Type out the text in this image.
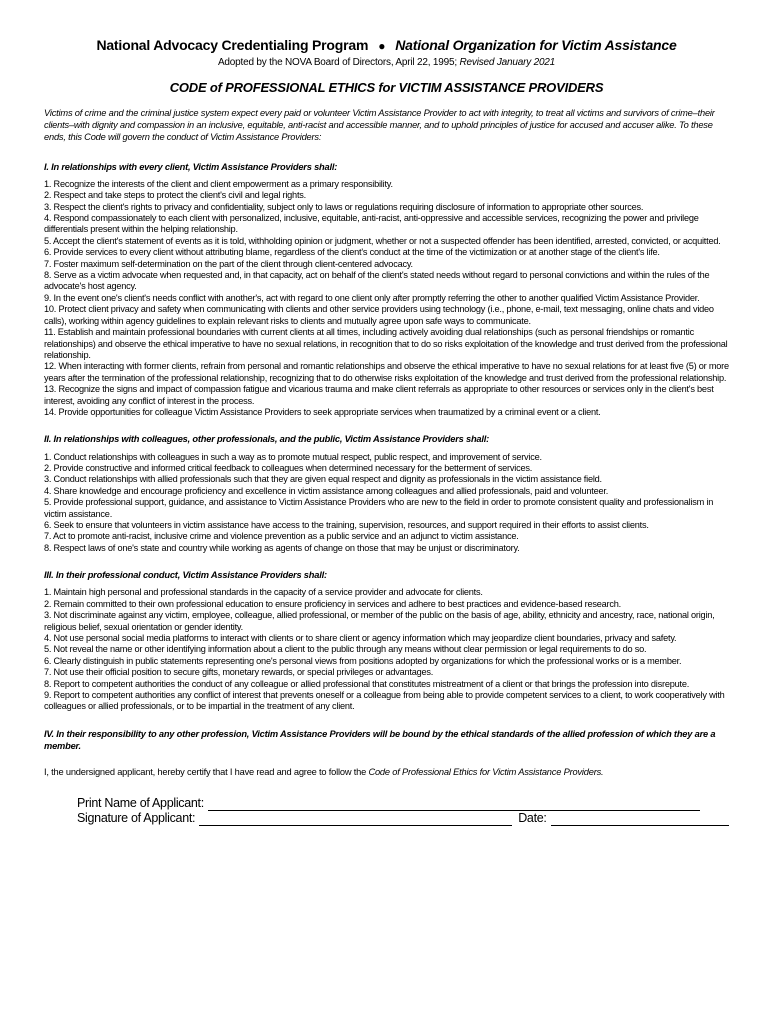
National Advocacy Credentialing Program ● National Organization for Victim Assistance

Adopted by the NOVA Board of Directors, April 22, 1995; Revised January 2021

CODE of PROFESSIONAL ETHICS for VICTIM ASSISTANCE PROVIDERS

Victims of crime and the criminal justice system expect every paid or volunteer Victim Assistance Provider to act with integrity, to treat all victims and survivors of crime–their clients–with dignity and compassion in an inclusive, equitable, anti-racist and accessible manner, and to uphold principles of justice for accused and accuser alike. To these ends, this Code will govern the conduct of Victim Assistance Providers:

I. In relationships with every client, Victim Assistance Providers shall:

1. Recognize the interests of the client and client empowerment as a primary responsibility.
2. Respect and take steps to protect the client's civil and legal rights.
3. Respect the client's rights to privacy and confidentiality, subject only to laws or regulations requiring disclosure of information to appropriate other sources.
4. Respond compassionately to each client with personalized, inclusive, equitable, anti-racist, anti-oppressive and accessible services, recognizing the power and privilege differentials present within the helping relationship.
5. Accept the client's statement of events as it is told, withholding opinion or judgment, whether or not a suspected offender has been identified, arrested, convicted, or acquitted.
6. Provide services to every client without attributing blame, regardless of the client's conduct at the time of the victimization or at another stage of the client's life.
7. Foster maximum self-determination on the part of the client through client-centered advocacy.
8. Serve as a victim advocate when requested and, in that capacity, act on behalf of the client's stated needs without regard to personal convictions and within the rules of the advocate's host agency.
9. In the event one's client's needs conflict with another's, act with regard to one client only after promptly referring the other to another qualified Victim Assistance Provider.
10. Protect client privacy and safety when communicating with clients and other service providers using technology (i.e., phone, e-mail, text messaging, online chats and video calls), working within agency guidelines to explain relevant risks to clients and mutually agree upon safe ways to communicate.
11. Establish and maintain professional boundaries with current clients at all times, including actively avoiding dual relationships (such as personal friendships or romantic relationships) and observe the ethical imperative to have no sexual relations, in recognition that to do so risks exploitation of the knowledge and trust derived from the professional relationship.
12. When interacting with former clients, refrain from personal and romantic relationships and observe the ethical imperative to have no sexual relations for at least five (5) or more years after the termination of the professional relationship, recognizing that to do otherwise risks exploitation of the knowledge and trust derived from the professional relationship.
13. Recognize the signs and impact of compassion fatigue and vicarious trauma and make client referrals as appropriate to other resources or services only in the client's best interest, avoiding any conflict of interest in the process.
14. Provide opportunities for colleague Victim Assistance Providers to seek appropriate services when traumatized by a criminal event or a client.

II. In relationships with colleagues, other professionals, and the public, Victim Assistance Providers shall:

1. Conduct relationships with colleagues in such a way as to promote mutual respect, public respect, and improvement of service.
2. Provide constructive and informed critical feedback to colleagues when determined necessary for the betterment of services.
3. Conduct relationships with allied professionals such that they are given equal respect and dignity as professionals in the victim assistance field.
4. Share knowledge and encourage proficiency and excellence in victim assistance among colleagues and allied professionals, paid and volunteer.
5. Provide professional support, guidance, and assistance to Victim Assistance Providers who are new to the field in order to promote consistent quality and professionalism in victim assistance.
6. Seek to ensure that volunteers in victim assistance have access to the training, supervision, resources, and support required in their efforts to assist clients.
7. Act to promote anti-racist, inclusive crime and violence prevention as a public service and an adjunct to victim assistance.
8. Respect laws of one's state and country while working as agents of change on those that may be unjust or discriminatory.

III. In their professional conduct, Victim Assistance Providers shall:

1. Maintain high personal and professional standards in the capacity of a service provider and advocate for clients.
2. Remain committed to their own professional education to ensure proficiency in services and adhere to best practices and evidence-based research.
3. Not discriminate against any victim, employee, colleague, allied professional, or member of the public on the basis of age, ability, ethnicity and ancestry, race, national origin, religious belief, sexual orientation or gender identity.
4. Not use personal social media platforms to interact with clients or to share client or agency information which may jeopardize client boundaries, privacy and safety.
5. Not reveal the name or other identifying information about a client to the public through any means without clear permission or legal requirements to do so.
6. Clearly distinguish in public statements representing one's personal views from positions adopted by organizations for which the professional works or is a member.
7. Not use their official position to secure gifts, monetary rewards, or special privileges or advantages.
8. Report to competent authorities the conduct of any colleague or allied professional that constitutes mistreatment of a client or that brings the profession into disrepute.
9. Report to competent authorities any conflict of interest that prevents oneself or a colleague from being able to provide competent services to a client, to work cooperatively with colleagues or allied professionals, or to be impartial in the treatment of any client.

IV. In their responsibility to any other profession, Victim Assistance Providers will be bound by the ethical standards of the allied profession of which they are a member.

I, the undersigned applicant, hereby certify that I have read and agree to follow the Code of Professional Ethics for Victim Assistance Providers.

Print Name of Applicant:
Signature of Applicant:	Date:
